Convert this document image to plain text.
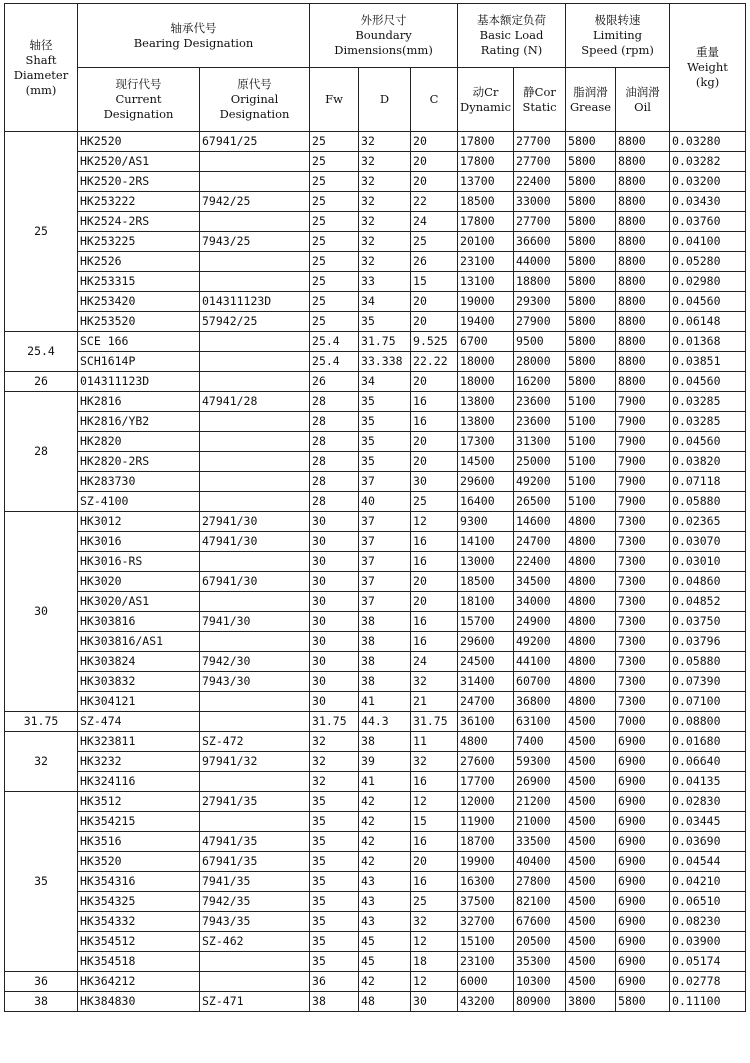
轴径
Shaft
Diameter
(mm)	轴承代号
Bearing Designation		外形尺寸
Boundary
Dimensions(mm)			基本额定负荷
Basic Load
Rating (N)		极限转速
Limiting
Speed (rpm)		重量
Weight
(kg)

	现行代号
Current
Designation	原代号
Original
Designation	Fw	D	C	动Cr
Dynamic	静Cor
Static	脂润滑
Grease	油润滑
Oil	

25	HK2520	67941/25	25	32	20	17800	27700	5800	8800	0.03280
	HK2520/AS1		25	32	20	17800	27700	5800	8800	0.03282
	HK2520-2RS		25	32	20	13700	22400	5800	8800	0.03200
	HK253222	7942/25	25	32	22	18500	33000	5800	8800	0.03430
	HK2524-2RS		25	32	24	17800	27700	5800	8800	0.03760
	HK253225	7943/25	25	32	25	20100	36600	5800	8800	0.04100
	HK2526		25	32	26	23100	44000	5800	8800	0.05280
	HK253315		25	33	15	13100	18800	5800	8800	0.02980
	HK253420	014311123D	25	34	20	19000	29300	5800	8800	0.04560
	HK253520	57942/25	25	35	20	19400	27900	5800	8800	0.06148
25.4	SCE 166		25.4	31.75	9.525	6700	9500	5800	8800	0.01368
	SCH1614P		25.4	33.338	22.22	18000	28000	5800	8800	0.03851
26	014311123D		26	34	20	18000	16200	5800	8800	0.04560
28	HK2816	47941/28	28	35	16	13800	23600	5100	7900	0.03285
	HK2816/YB2		28	35	16	13800	23600	5100	7900	0.03285
	HK2820		28	35	20	17300	31300	5100	7900	0.04560
	HK2820-2RS		28	35	20	14500	25000	5100	7900	0.03820
	HK283730		28	37	30	29600	49200	5100	7900	0.07118
	SZ-4100		28	40	25	16400	26500	5100	7900	0.05880
30	HK3012	27941/30	30	37	12	9300	14600	4800	7300	0.02365
	HK3016	47941/30	30	37	16	14100	24700	4800	7300	0.03070
	HK3016-RS		30	37	16	13000	22400	4800	7300	0.03010
	HK3020	67941/30	30	37	20	18500	34500	4800	7300	0.04860
	HK3020/AS1		30	37	20	18100	34000	4800	7300	0.04852
	HK303816	7941/30	30	38	16	15700	24900	4800	7300	0.03750
	HK303816/AS1		30	38	16	29600	49200	4800	7300	0.03796
	HK303824	7942/30	30	38	24	24500	44100	4800	7300	0.05880
	HK303832	7943/30	30	38	32	31400	60700	4800	7300	0.07390
	HK304121		30	41	21	24700	36800	4800	7300	0.07100
31.75	SZ-474		31.75	44.3	31.75	36100	63100	4500	7000	0.08800
32	HK323811	SZ-472	32	38	11	4800	7400	4500	6900	0.01680
	HK3232	97941/32	32	39	32	27600	59300	4500	6900	0.06640
	HK324116		32	41	16	17700	26900	4500	6900	0.04135
35	HK3512	27941/35	35	42	12	12000	21200	4500	6900	0.02830
	HK354215		35	42	15	11900	21000	4500	6900	0.03445
	HK3516	47941/35	35	42	16	18700	33500	4500	6900	0.03690
	HK3520	67941/35	35	42	20	19900	40400	4500	6900	0.04544
	HK354316	7941/35	35	43	16	16300	27800	4500	6900	0.04210
	HK354325	7942/35	35	43	25	37500	82100	4500	6900	0.06510
	HK354332	7943/35	35	43	32	32700	67600	4500	6900	0.08230
	HK354512	SZ-462	35	45	12	15100	20500	4500	6900	0.03900
	HK354518		35	45	18	23100	35300	4500	6900	0.05174
36	HK364212		36	42	12	6000	10300	4500	6900	0.02778
38	HK384830	SZ-471	38	48	30	43200	80900	3800	5800	0.11100
